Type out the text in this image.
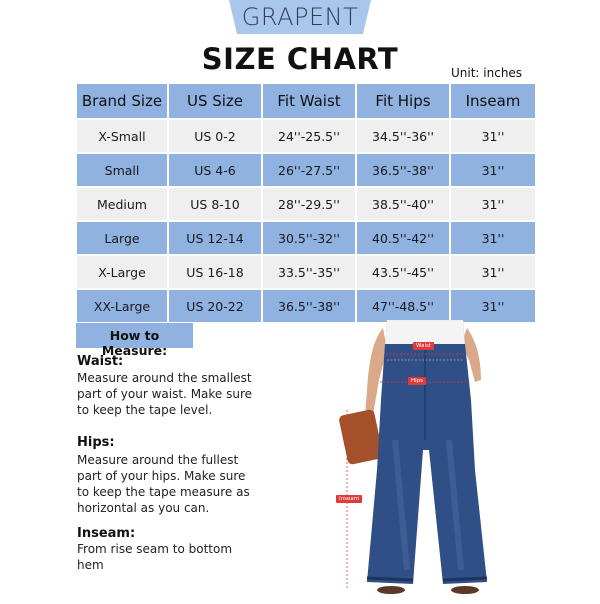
GRAPENT
SIZE CHART	Unit: inches
Brand Size	US Size	Fit Waist	Fit Hips	Inseam
X-Small	US 0-2	24''-25.5''	34.5''-36''	31''
Small	US 4-6	26''-27.5''	36.5''-38''	31''
Medium	US 8-10	28''-29.5''	38.5''-40''	31''
Large	US 12-14	30.5''-32''	40.5''-42''	31''
X-Large	US 16-18	33.5''-35''	43.5''-45''	31''
XX-Large	US 20-22	36.5''-38''	47''-48.5''	31''
How to Measure:
Waist:
Measure around the smallest
part of your waist. Make sure
to keep the tape level.
Hips:
Measure around the fullest
part of your hips. Make sure
to keep the tape measure as
horizontal as you can.
Inseam:
From rise seam to bottom
hem
Waist
Hips
Inseam
